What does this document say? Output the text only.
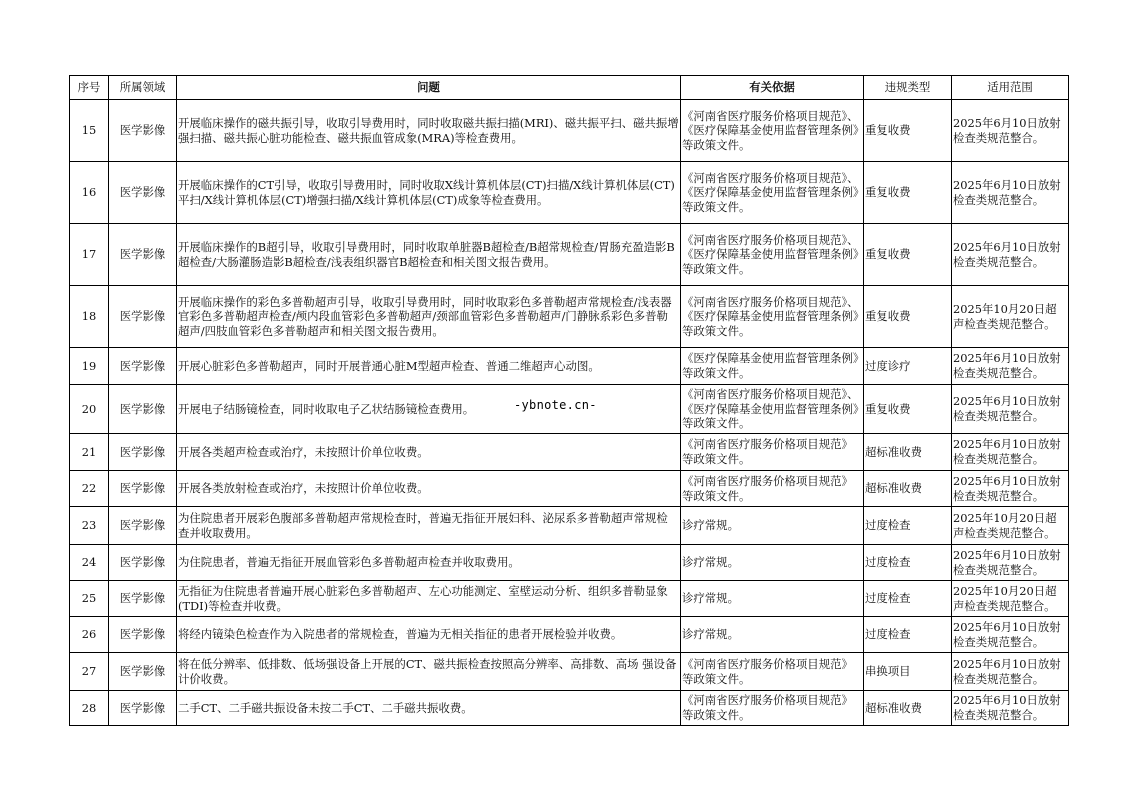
序号	所属领域	问题	有关依据	违规类型	适用范围
15	医学影像	开展临床操作的磁共振引导，收取引导费用时，同时收取磁共振扫描(MRI)、磁共振平扫、磁共振增强扫描、磁共振心脏功能检查、磁共振血管成象(MRA)等检查费用。	《河南省医疗服务价格项目规范》、《医疗保障基金使用监督管理条例》等政策文件。	重复收费	2025年6月10日放射检查类规范整合。
16	医学影像	开展临床操作的CT引导，收取引导费用时，同时收取X线计算机体层(CT)扫描/X线计算机体层(CT)平扫/X线计算机体层(CT)增强扫描/X线计算机体层(CT)成象等检查费用。	《河南省医疗服务价格项目规范》、《医疗保障基金使用监督管理条例》等政策文件。	重复收费	2025年6月10日放射检查类规范整合。
17	医学影像	开展临床操作的B超引导，收取引导费用时，同时收取单脏器B超检查/B超常规检查/胃肠充盈造影B超检查/大肠灌肠造影B超检查/浅表组织器官B超检查和相关图文报告费用。	《河南省医疗服务价格项目规范》、《医疗保障基金使用监督管理条例》等政策文件。	重复收费	2025年6月10日放射检查类规范整合。
18	医学影像	开展临床操作的彩色多普勒超声引导，收取引导费用时，同时收取彩色多普勒超声常规检查/浅表器官彩色多普勒超声检查/颅内段血管彩色多普勒超声/颈部血管彩色多普勒超声/门静脉系彩色多普勒超声/四肢血管彩色多普勒超声和相关图文报告费用。	《河南省医疗服务价格项目规范》、《医疗保障基金使用监督管理条例》等政策文件。	重复收费	2025年10月20日超声检查类规范整合。
19	医学影像	开展心脏彩色多普勒超声，同时开展普通心脏M型超声检查、普通二维超声心动图。	《医疗保障基金使用监督管理条例》等政策文件。	过度诊疗	2025年6月10日放射检查类规范整合。
20	医学影像	开展电子结肠镜检查，同时收取电子乙状结肠镜检查费用。	《河南省医疗服务价格项目规范》、《医疗保障基金使用监督管理条例》等政策文件。	重复收费	2025年6月10日放射检查类规范整合。
21	医学影像	开展各类超声检查或治疗，未按照计价单位收费。	《河南省医疗服务价格项目规范》等政策文件。	超标准收费	2025年6月10日放射检查类规范整合。
22	医学影像	开展各类放射检查或治疗，未按照计价单位收费。	《河南省医疗服务价格项目规范》等政策文件。	超标准收费	2025年6月10日放射检查类规范整合。
23	医学影像	为住院患者开展彩色腹部多普勒超声常规检查时，普遍无指征开展妇科、泌尿系多普勒超声常规检查并收取费用。	诊疗常规。	过度检查	2025年10月20日超声检查类规范整合。
24	医学影像	为住院患者，普遍无指征开展血管彩色多普勒超声检查并收取费用。	诊疗常规。	过度检查	2025年6月10日放射检查类规范整合。
25	医学影像	无指征为住院患者普遍开展心脏彩色多普勒超声、左心功能测定、室壁运动分析、组织多普勒显象(TDI)等检查并收费。	诊疗常规。	过度检查	2025年10月20日超声检查类规范整合。
26	医学影像	将经内镜染色检查作为入院患者的常规检查，普遍为无相关指征的患者开展检验并收费。	诊疗常规。	过度检查	2025年6月10日放射检查类规范整合。
27	医学影像	将在低分辨率、低排数、低场强设备上开展的CT、磁共振检查按照高分辨率、高排数、高场 强设备计价收费。	《河南省医疗服务价格项目规范》等政策文件。	串换项目	2025年6月10日放射检查类规范整合。
28	医学影像	二手CT、二手磁共振设备未按二手CT、二手磁共振收费。	《河南省医疗服务价格项目规范》等政策文件。	超标准收费	2025年6月10日放射检查类规范整合。
-ybnote.cn-
